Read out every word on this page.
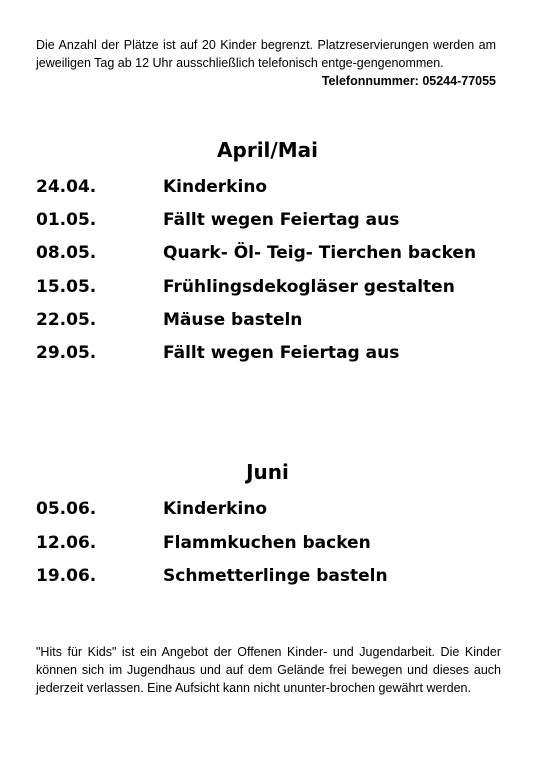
Die Anzahl der Plätze ist auf 20 Kinder begrenzt. Platzreservierungen werden am jeweiligen Tag ab 12 Uhr ausschließlich telefonisch entge-gengenommen.
Telefonnummer: 05244-77055
April/Mai
24.04.	Kinderkino
01.05.	Fällt wegen Feiertag aus
08.05.	Quark- Öl- Teig- Tierchen backen
15.05.	Frühlingsdekogläser gestalten
22.05.	Mäuse basteln
29.05.	Fällt wegen Feiertag aus
Juni
05.06.	Kinderkino
12.06.	Flammkuchen backen
19.06.	Schmetterlinge basteln
"Hits für Kids" ist ein Angebot der Offenen Kinder- und Jugendarbeit. Die Kinder können sich im Jugendhaus und auf dem Gelände frei bewegen und dieses auch jederzeit verlassen. Eine Aufsicht kann nicht ununter-brochen gewährt werden.
